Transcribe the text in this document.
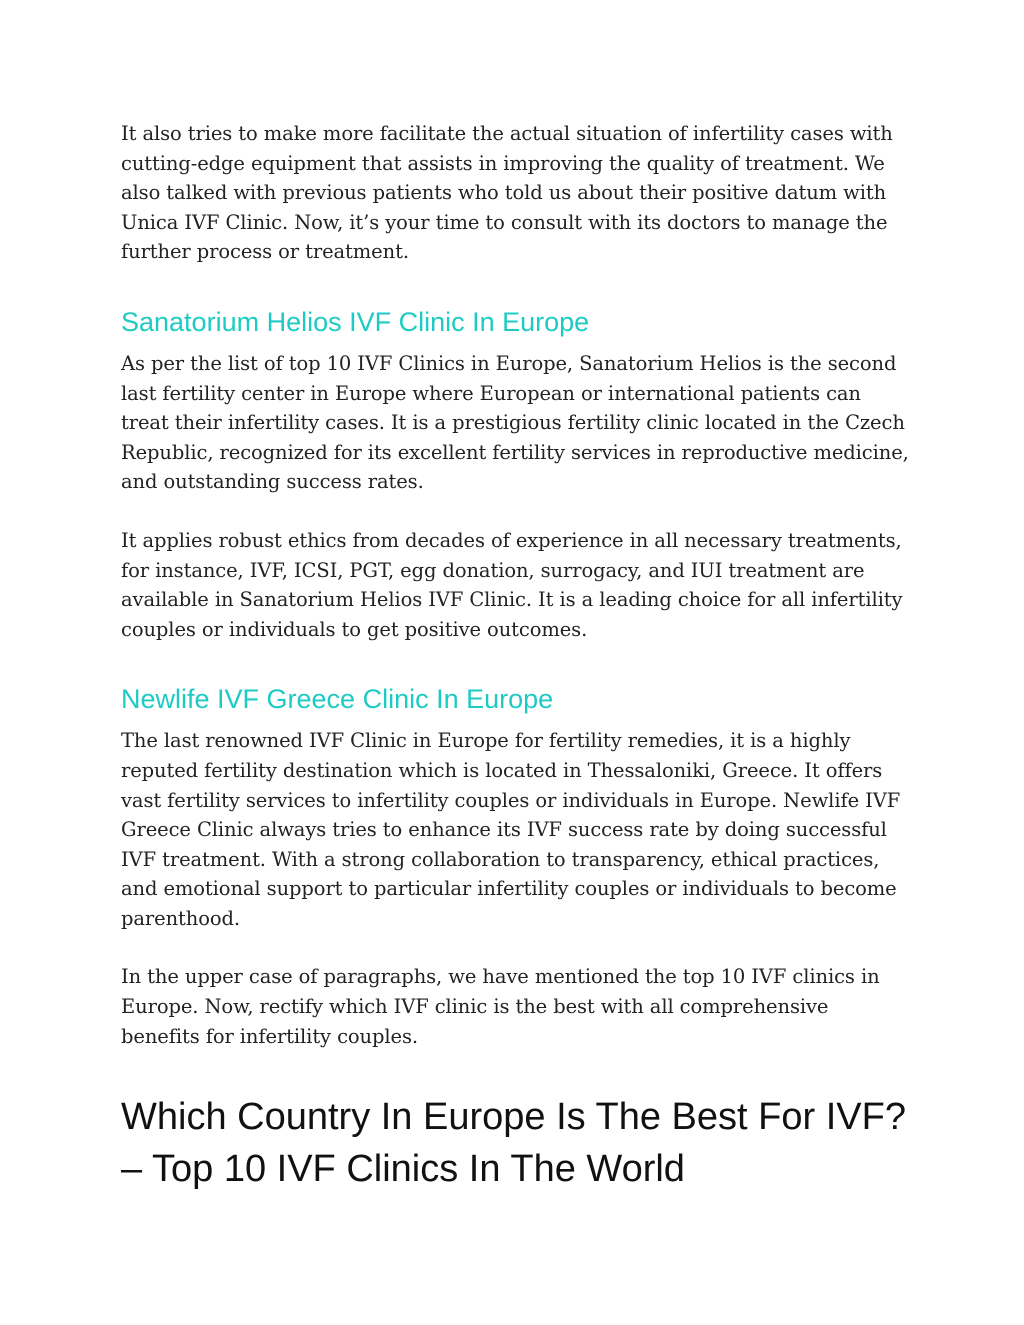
It also tries to make more facilitate the actual situation of infertility cases with cutting-edge equipment that assists in improving the quality of treatment. We also talked with previous patients who told us about their positive datum with Unica IVF Clinic. Now, it’s your time to consult with its doctors to manage the further process or treatment.

Sanatorium Helios IVF Clinic In Europe

As per the list of top 10 IVF Clinics in Europe, Sanatorium Helios is the second last fertility center in Europe where European or international patients can treat their infertility cases. It is a prestigious fertility clinic located in the Czech Republic, recognized for its excellent fertility services in reproductive medicine, and outstanding success rates.

It applies robust ethics from decades of experience in all necessary treatments, for instance, IVF, ICSI, PGT, egg donation, surrogacy, and IUI treatment are available in Sanatorium Helios IVF Clinic. It is a leading choice for all infertility couples or individuals to get positive outcomes.

Newlife IVF Greece Clinic In Europe

The last renowned IVF Clinic in Europe for fertility remedies, it is a highly reputed fertility destination which is located in Thessaloniki, Greece. It offers vast fertility services to infertility couples or individuals in Europe. Newlife IVF Greece Clinic always tries to enhance its IVF success rate by doing successful IVF treatment. With a strong collaboration to transparency, ethical practices, and emotional support to particular infertility couples or individuals to become parenthood.

In the upper case of paragraphs, we have mentioned the top 10 IVF clinics in Europe. Now, rectify which IVF clinic is the best with all comprehensive benefits for infertility couples.

Which Country In Europe Is The Best For IVF?
– Top 10 IVF Clinics In The World
